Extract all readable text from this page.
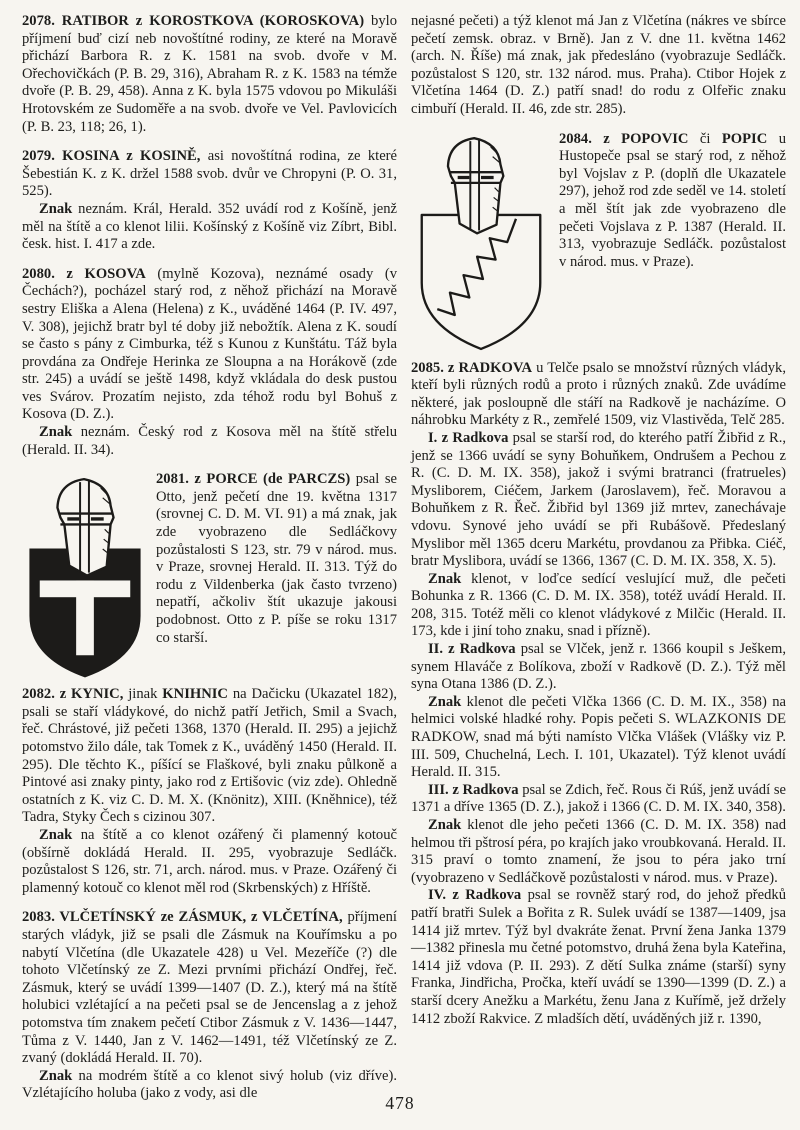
2078. RATIBOR z KOROSTKOVA (KOROSKOVA) bylo příjmení buď cizí neb novoštítné rodiny, ze které na Moravě přichází Barbora R. z K. 1581 na svob. dvoře v M. Ořechovičkách (P. B. 29, 316), Abraham R. z K. 1583 na témže dvoře (P. B. 29, 458). Anna z K. byla 1575 vdovou po Mikuláši Hrotovském ze Sudoměře a na svob. dvoře ve Vel. Pavlovicích (P. B. 23, 118; 26, 1).

2079. KOSINA z KOSINĚ, asi novoštítná rodina, ze které Šebestián K. z K. držel 1588 svob. dvůr ve Chropyni (P. O. 31, 525).

Znak neznám. Král, Herald. 352 uvádí rod z Košíně, jenž měl na štítě a co klenot lilii. Košínský z Košíně viz Zíbrt, Bibl. česk. hist. I. 417 a zde.

2080. z KOSOVA (mylně Kozova), neznámé osady (v Čechách?), pocházel starý rod, z něhož přichází na Moravě sestry Eliška a Alena (Helena) z K., uváděné 1464 (P. IV. 497, V. 308), jejichž bratr byl té doby již nebožtík. Alena z K. soudí se často s pány z Cimburka, též s Kunou z Kunštátu. Táž byla provdána za Ondřeje Herinka ze Sloupna a na Horákově (zde str. 245) a uvádí se ještě 1498, když vkládala do desk pustou ves Svárov. Prozatím nejisto, zda téhož rodu byl Bohuš z Kosova (D. Z.).

Znak neznám. Český rod z Kosova měl na štítě střelu (Herald. II. 34).

2081. z PORCE (de PARCZS) psal se Otto, jenž pečetí dne 19. května 1317 (srovnej C. D. M. VI. 91) a má znak, jak zde vyobrazeno dle Sedláčkovy pozůstalosti S 123, str. 79 v národ. mus. v Praze, srovnej Herald. II. 313. Týž do rodu z Vildenberka (jak často tvrzeno) nepatří, ačkoliv štít ukazuje jakousi podobnost. Otto z P. píše se roku 1317 co starší.

2082. z KYNIC, jinak KNIHNIC na Dačicku (Ukazatel 182), psali se staří vládykové, do nichž patří Jetřich, Smil a Svach, řeč. Chrástové, již pečeti 1368, 1370 (Herald. II. 295) a jejichž potomstvo žilo dále, tak Tomek z K., uváděný 1450 (Herald. II. 295). Dle těchto K., píšící se Flaškové, byli znaku půlkoně a Pintové asi znaky pinty, jako rod z Ertišovic (viz zde). Ohledně ostatních z K. viz C. D. M. X. (Knönitz), XIII. (Kněhnice), též Tadra, Styky Čech s cizinou 307.

Znak na štítě a co klenot ozářený či plamenný kotouč (obšírně dokládá Herald. II. 295, vyobrazuje Sedláčk. pozůstalost S 126, str. 71, arch. národ. mus. v Praze. Ozářený či plamenný kotouč co klenot měl rod (Skrbenských) z Hříště.

2083. VLČETÍNSKÝ ze ZÁSMUK, z VLČETÍNA, příjmení starých vládyk, již se psali dle Zásmuk na Kouřímsku a po nabytí Vlčetína (dle Ukazatele 428) u Vel. Mezeříče (?) dle tohoto Vlčetínský ze Z. Mezi prvními přichází Ondřej, řeč. Zásmuk, který se uvádí 1399—1407 (D. Z.), který má na štítě holubici vzlétající a na pečeti psal se de Jencenslag a z jehož potomstva tím znakem pečetí Ctibor Zásmuk z V. 1436—1447, Tůma z V. 1440, Jan z V. 1462—1491, též Vlčetínský ze Z. zvaný (dokládá Herald. II. 70).

Znak na modrém štítě a co klenot sivý holub (viz dříve). Vzlétajícího holuba (jako z vody, asi dle

nejasné pečeti) a týž klenot má Jan z Vlčetína (nákres ve sbírce pečetí zemsk. obraz. v Brně). Jan z V. dne 11. května 1462 (arch. N. Říše) má znak, jak předesláno (vyobrazuje Sedláčk. pozůstalost S 120, str. 132 národ. mus. Praha). Ctibor Hojek z Vlčetína 1464 (D. Z.) patří snad! do rodu z Olfeřic znaku cimbuří (Herald. II. 46, zde str. 285).

2084. z POPOVIC či POPIC u Hustopeče psal se starý rod, z něhož byl Vojslav z P. (doplň dle Ukazatele 297), jehož rod zde seděl ve 14. století a měl štít jak zde vyobrazeno dle pečeti Vojslava z P. 1387 (Herald. II. 313, vyobrazuje Sedláčk. pozůstalost v národ. mus. v Praze).

2085. z RADKOVA u Telče psalo se množství různých vládyk, kteří byli různých rodů a proto i různých znaků. Zde uvádíme některé, jak posloupně dle stáří na Radkově je nacházíme. O náhrobku Markéty z R., zemřelé 1509, viz Vlastivěda, Telč 285.

I. z Radkova psal se starší rod, do kterého patří Žibřid z R., jenž se 1366 uvádí se syny Bohuňkem, Ondrušem a Pechou z R. (C. D. M. IX. 358), jakož i svými bratranci (fratrueles) Mysliborem, Ciéčem, Jarkem (Jaroslavem), řeč. Moravou a Bohuňkem z R. Řeč. Žibřid byl 1369 již mrtev, zanechávaje vdovu. Synové jeho uvádí se při Rubášově. Předeslaný Myslibor měl 1365 dceru Markétu, provdanou za Přibka. Ciéč, bratr Myslibora, uvádí se 1366, 1367 (C. D. M. IX. 358, X. 5).

Znak klenot, v loďce sedící veslující muž, dle pečeti Bohunka z R. 1366 (C. D. M. IX. 358), totéž uvádí Herald. II. 208, 315. Totéž měli co klenot vládykové z Milčic (Herald. II. 173, kde i jiní toho znaku, snad i přízně).

II. z Radkova psal se Vlček, jenž r. 1366 koupil s Ješkem, synem Hlaváče z Bolíkova, zboží v Radkově (D. Z.). Týž měl syna Otana 1386 (D. Z.).

Znak klenot dle pečeti Vlčka 1366 (C. D. M. IX., 358) na helmici volské hladké rohy. Popis pečeti S. WLAZKONIS DE RADKOW, snad má býti namísto Vlčka Vlášek (Vlášky viz P. III. 509, Chuchelná, Lech. I. 101, Ukazatel). Týž klenot uvádí Herald. II. 315.

III. z Radkova psal se Zdich, řeč. Rous či Rúš, jenž uvádí se 1371 a dříve 1365 (D. Z.), jakož i 1366 (C. D. M. IX. 340, 358).

Znak klenot dle jeho pečeti 1366 (C. D. M. IX. 358) nad helmou tři pštrosí péra, po krajích jako vroubkovaná. Herald. II. 315 praví o tomto znamení, že jsou to péra jako trní (vyobrazeno v Sedláčkově pozůstalosti v národ. mus. v Praze).

IV. z Radkova psal se rovněž starý rod, do jehož předků patří bratři Sulek a Bořita z R. Sulek uvádí se 1387—1409, jsa 1414 již mrtev. Týž byl dvakráte ženat. První žena Janka 1379—1382 přinesla mu četné potomstvo, druhá žena byla Kateřina, 1414 již vdova (P. II. 293). Z dětí Sulka známe (starší) syny Franka, Jindřicha, Pročka, kteří uvádí se 1390—1399 (D. Z.) a starší dcery Anežku a Markétu, ženu Jana z Kuřímě, jež držely 1412 zboží Rakvice. Z mladších dětí, uváděných již r. 1390,

478
